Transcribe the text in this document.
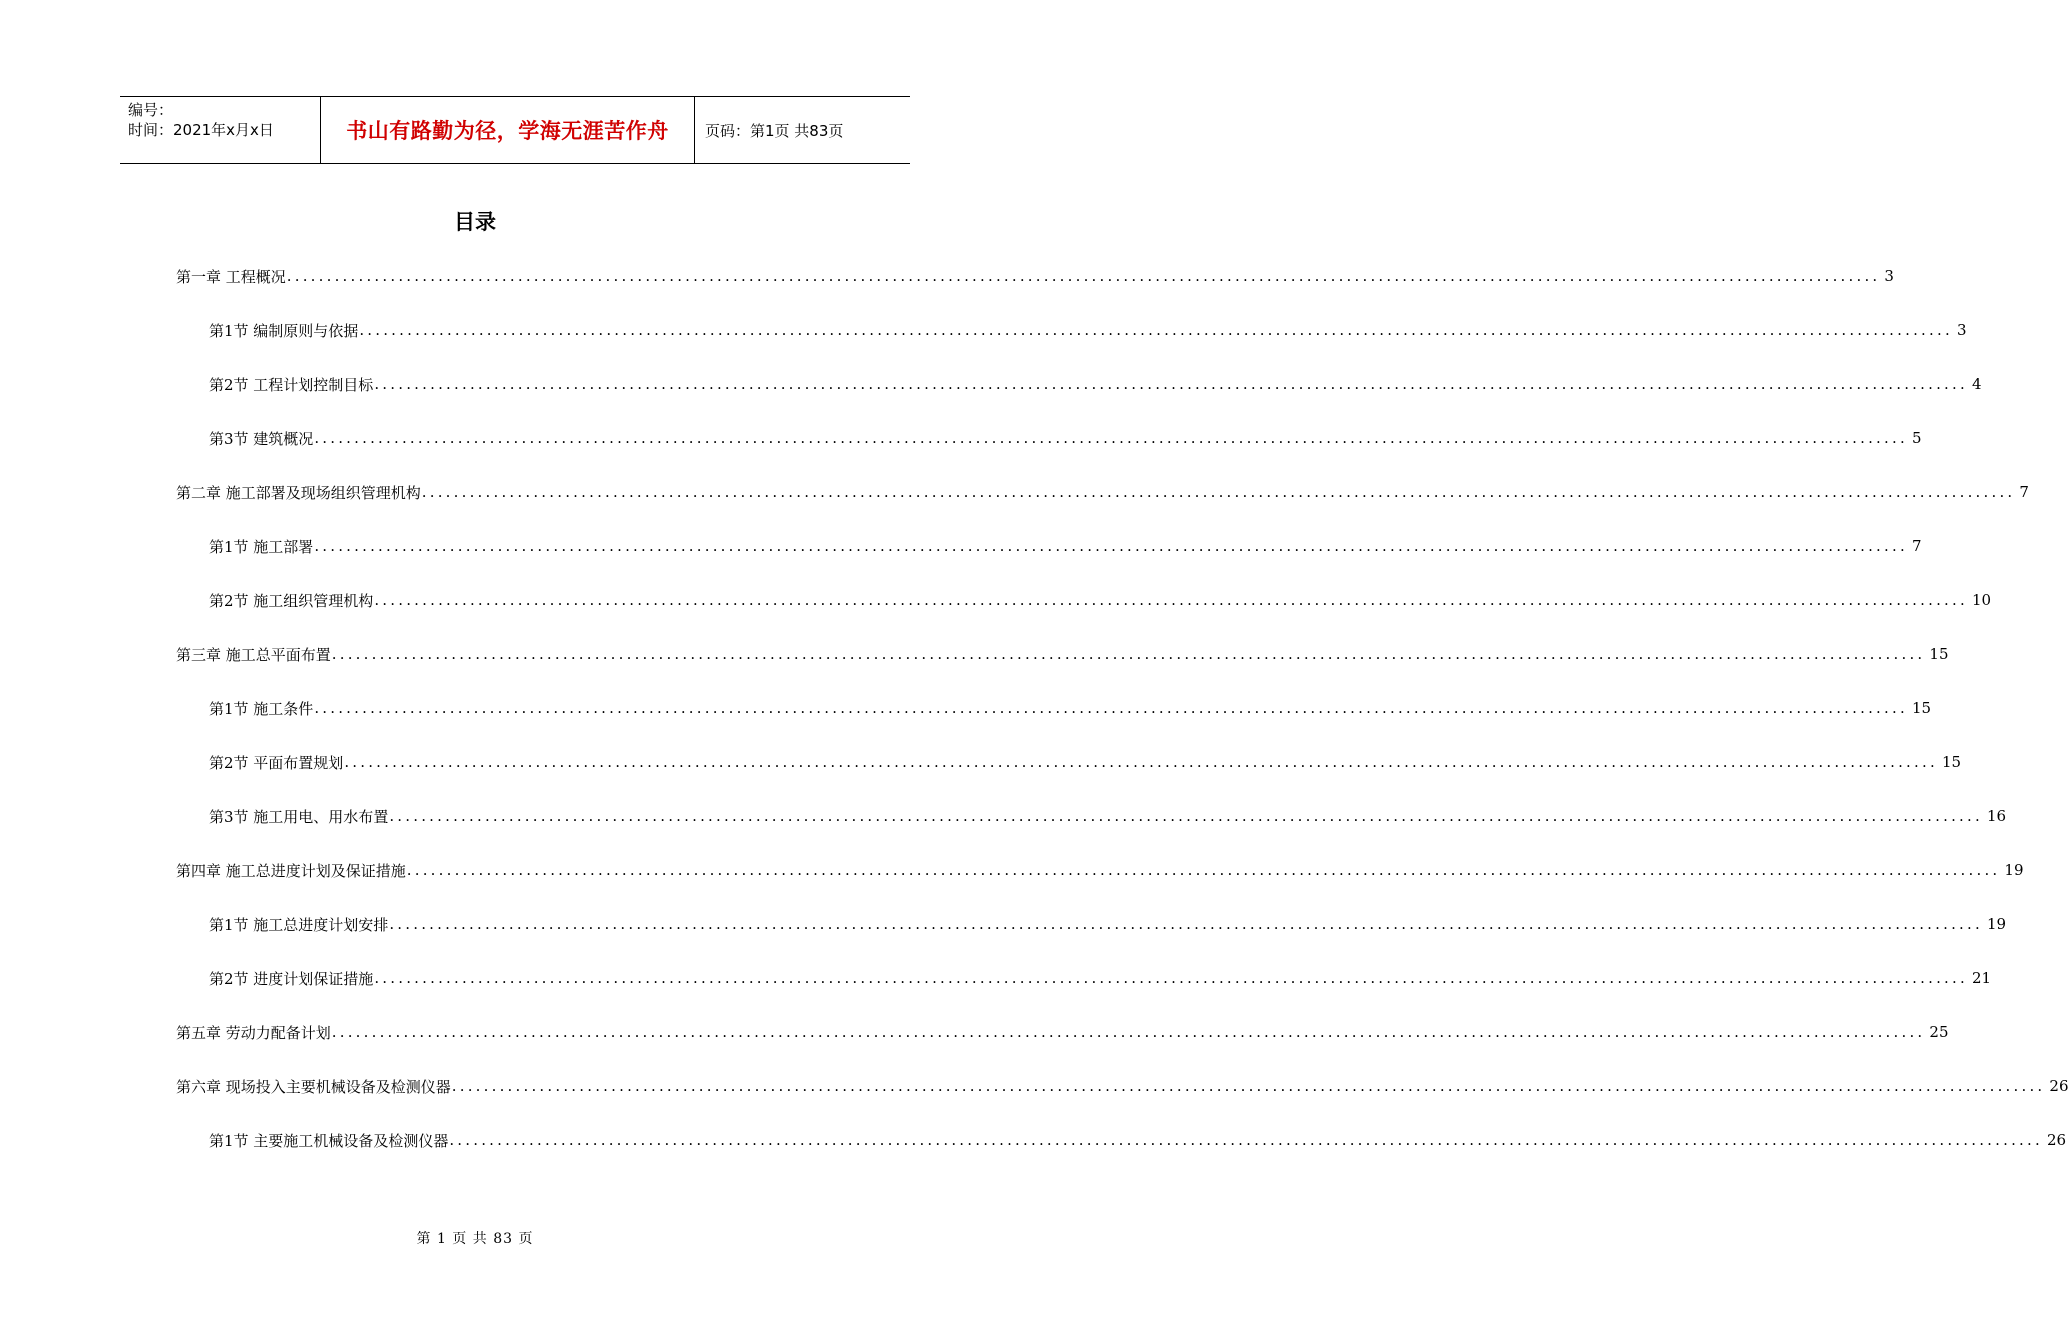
编号：
时间：2021年x月x日	书山有路勤为径，学海无涯苦作舟	页码：第1页 共83页
目录
第一章 工程概况 ........................................................................................................................................................................................................ 3
第1节 编制原则与依据 ........................................................................................................................................................................................................ 3
第2节 工程计划控制目标 ........................................................................................................................................................................................................ 4
第3节 建筑概况 ........................................................................................................................................................................................................ 5
第二章 施工部署及现场组织管理机构 ........................................................................................................................................................................................................ 7
第1节 施工部署 ........................................................................................................................................................................................................ 7
第2节 施工组织管理机构 ........................................................................................................................................................................................................ 10
第三章 施工总平面布置 ........................................................................................................................................................................................................ 15
第1节 施工条件 ........................................................................................................................................................................................................ 15
第2节 平面布置规划 ........................................................................................................................................................................................................ 15
第3节 施工用电、用水布置 ........................................................................................................................................................................................................ 16
第四章 施工总进度计划及保证措施 ........................................................................................................................................................................................................ 19
第1节 施工总进度计划安排 ........................................................................................................................................................................................................ 19
第2节 进度计划保证措施 ........................................................................................................................................................................................................ 21
第五章 劳动力配备计划 ........................................................................................................................................................................................................ 25
第六章 现场投入主要机械设备及检测仪器 ........................................................................................................................................................................................................ 26
第1节 主要施工机械设备及检测仪器 ........................................................................................................................................................................................................ 26
第 1 页 共 83 页
